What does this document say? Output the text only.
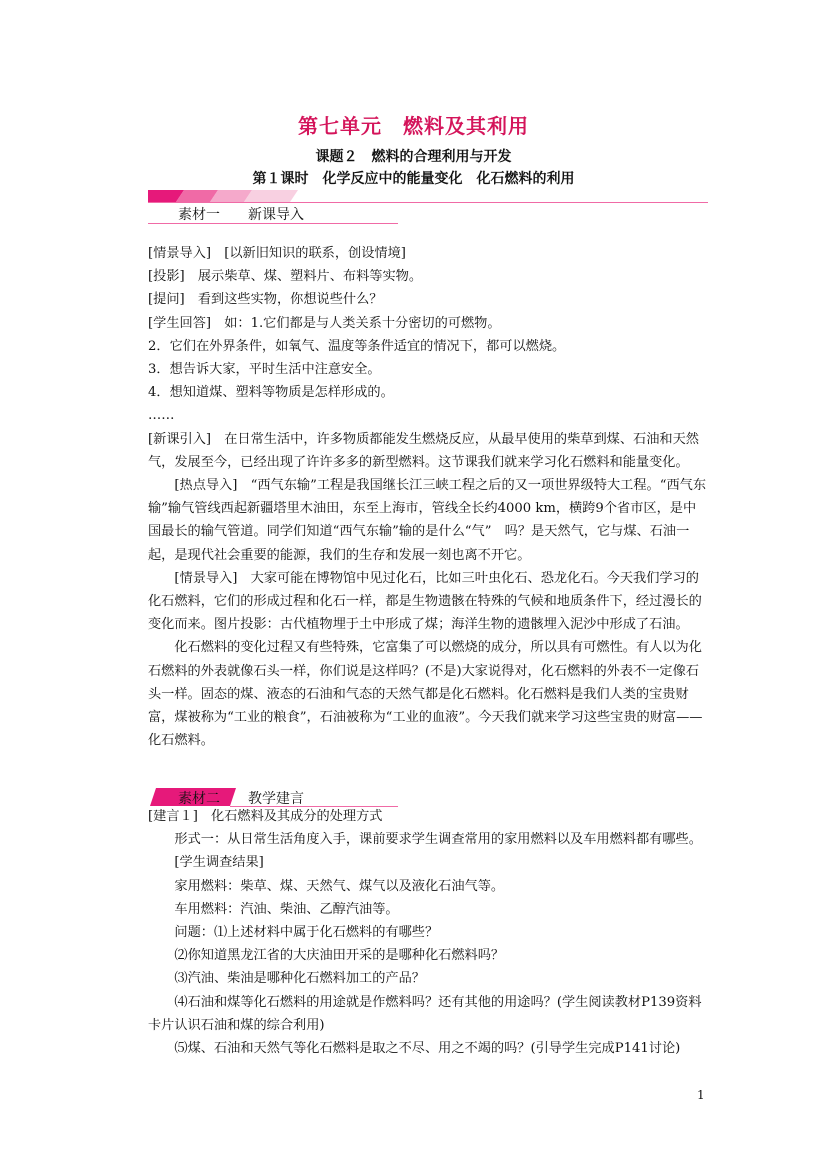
第七单元　燃料及其利用
课题２　燃料的合理利用与开发
第１课时　化学反应中的能量变化　化石燃料的利用
素材一　　新课导入

[情景导入]　[以新旧知识的联系，创设情境]

[投影]　展示柴草、煤、塑料片、布料等实物。

[提问]　看到这些实物，你想说些什么？

[学生回答]　如：1.它们都是与人类关系十分密切的可燃物。

2．它们在外界条件，如氧气、温度等条件适宜的情况下，都可以燃烧。

3．想告诉大家，平时生活中注意安全。

4．想知道煤、塑料等物质是怎样形成的。

……

[新课引入]　在日常生活中，许多物质都能发生燃烧反应，从最早使用的柴草到煤、石油和天然气，发展至今，已经出现了许许多多的新型燃料。这节课我们就来学习化石燃料和能量变化。

[热点导入]　“西气东输”工程是我国继长江三峡工程之后的又一项世界级特大工程。“西气东输”输气管线西起新疆塔里木油田，东至上海市，管线全长约4000 km，横跨9个省市区，是中国最长的输气管道。同学们知道“西气东输”输的是什么“气”　吗？是天然气，它与煤、石油一起，是现代社会重要的能源，我们的生存和发展一刻也离不开它。

[情景导入]　大家可能在博物馆中见过化石，比如三叶虫化石、恐龙化石。今天我们学习的化石燃料，它们的形成过程和化石一样，都是生物遗骸在特殊的气候和地质条件下，经过漫长的变化而来。图片投影：古代植物埋于土中形成了煤；海洋生物的遗骸埋入泥沙中形成了石油。

化石燃料的变化过程又有些特殊，它富集了可以燃烧的成分，所以具有可燃性。有人以为化石燃料的外表就像石头一样，你们说是这样吗？(不是)大家说得对，化石燃料的外表不一定像石头一样。固态的煤、液态的石油和气态的天然气都是化石燃料。化石燃料是我们人类的宝贵财富，煤被称为“工业的粮食”，石油被称为“工业的血液”。今天我们就来学习这些宝贵的财富——化石燃料。

素材二 教学建言

[建言１]　化石燃料及其成分的处理方式

形式一：从日常生活角度入手，课前要求学生调查常用的家用燃料以及车用燃料都有哪些。

[学生调查结果]

家用燃料：柴草、煤、天然气、煤气以及液化石油气等。

车用燃料：汽油、柴油、乙醇汽油等。

问题：⑴上述材料中属于化石燃料的有哪些？

⑵你知道黑龙江省的大庆油田开采的是哪种化石燃料吗？

⑶汽油、柴油是哪种化石燃料加工的产品？

⑷石油和煤等化石燃料的用途就是作燃料吗？还有其他的用途吗？(学生阅读教材P139资料卡片认识石油和煤的综合利用)

⑸煤、石油和天然气等化石燃料是取之不尽、用之不竭的吗？(引导学生完成P141讨论)

1
